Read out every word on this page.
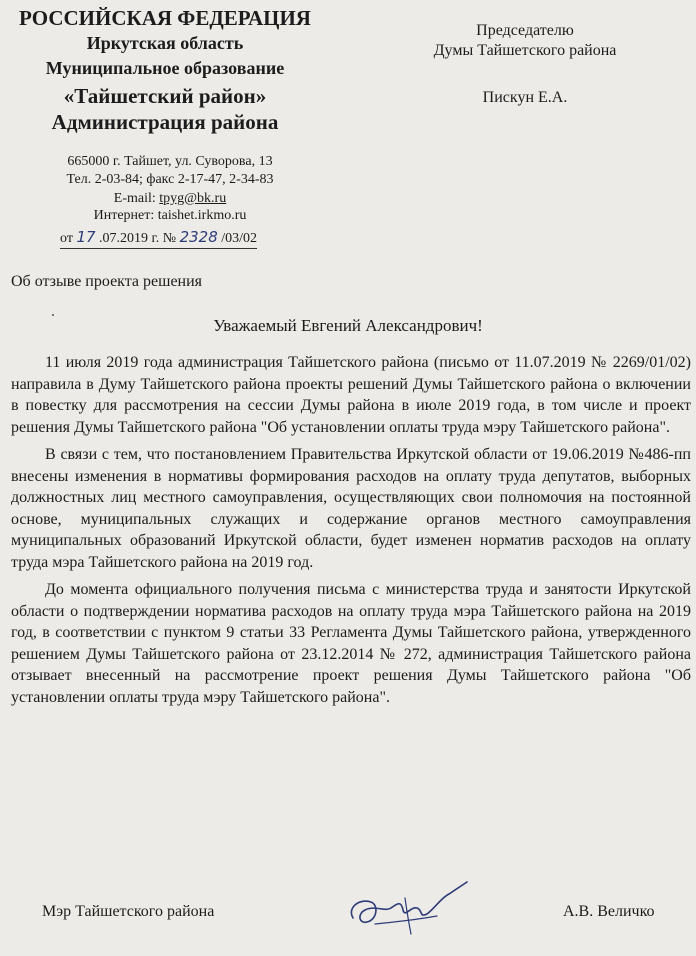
РОССИЙСКАЯ ФЕДЕРАЦИЯ
Иркутская область
Муниципальное образование
«Тайшетский район»
Администрация района
665000 г. Тайшет, ул. Суворова, 13
Тел. 2-03-84; факс 2-17-47, 2-34-83
E-mail: tpyg@bk.ru
Интернет: taishet.irkmo.ru
от 17 .07.2019 г. № 2328 /03/02
Председателю
Думы Тайшетского района
Пискун Е.А.
Об отзыве проекта решения
Уважаемый Евгений Александрович!

11 июля 2019 года администрация Тайшетского района (письмо от 11.07.2019 № 2269/01/02) направила в Думу Тайшетского района проекты решений Думы Тайшетского района о включении в повестку для рассмотрения на сессии Думы района в июле 2019 года, в том числе и проект решения Думы Тайшетского района "Об установлении оплаты труда мэру Тайшетского района".

В связи с тем, что постановлением Правительства Иркутской области от 19.06.2019 №486-пп внесены изменения в нормативы формирования расходов на оплату труда депутатов, выборных должностных лиц местного самоуправления, осуществляющих свои полномочия на постоянной основе, муниципальных служащих и содержание органов местного самоуправления муниципальных образований Иркутской области, будет изменен норматив расходов на оплату труда мэра Тайшетского района на 2019 год.

До момента официального получения письма с министерства труда и занятости Иркутской области о подтверждении норматива расходов на оплату труда мэра Тайшетского района на 2019 год, в соответствии с пунктом 9 статьи 33 Регламента Думы Тайшетского района, утвержденного решением Думы Тайшетского района от 23.12.2014 № 272, администрация Тайшетского района отзывает внесенный на рассмотрение проект решения Думы Тайшетского района "Об установлении оплаты труда мэру Тайшетского района".

Мэр Тайшетского района	А.В. Величко
